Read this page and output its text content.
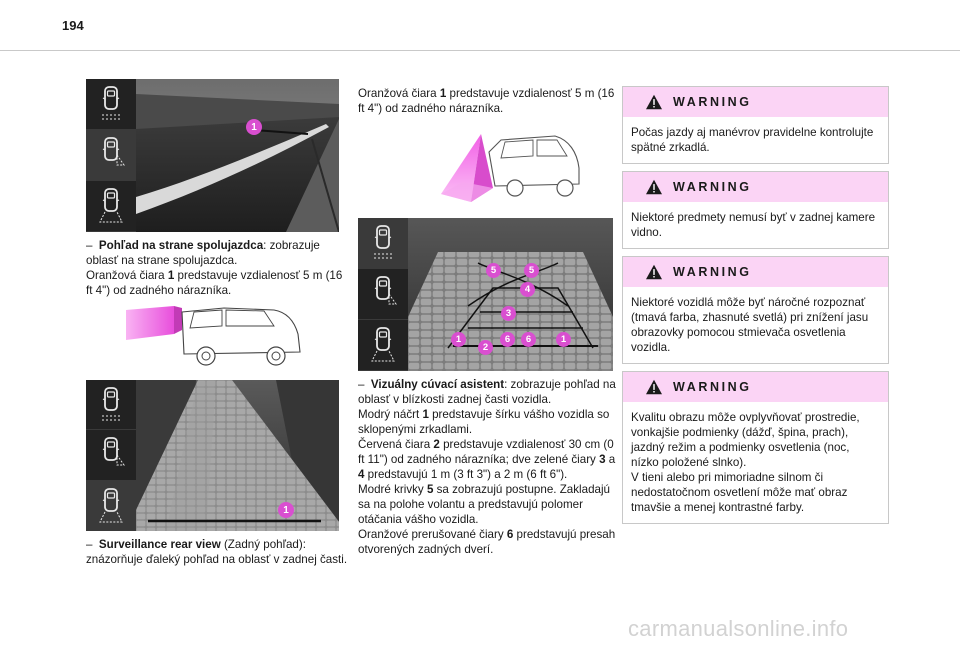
194
1

– Pohľad na strane spolujazdca: zobrazuje oblasť na strane spolujazdca.

Oranžová čiara 1 predstavuje vzdialenosť 5 m (16 ft 4") od zadného nárazníka.

1

– Surveillance rear view (Zadný pohľad): znázorňuje ďaleký pohľad na oblasť v zadnej časti.

Oranžová čiara 1 predstavuje vzdialenosť 5 m (16 ft 4") od zadného nárazníka.

5	5
4
3
1
2
6 6	1

– Vizuálny cúvací asistent: zobrazuje pohľad na oblasť v blízkosti zadnej časti vozidla.

Modrý náčrt 1 predstavuje šírku vášho vozidla so sklopenými zrkadlami.

Červená čiara 2 predstavuje vzdialenosť 30 cm (0 ft 11") od zadného nárazníka; dve zelené čiary 3 a 4 predstavujú 1 m (3 ft 3") a 2 m (6 ft 6").

Modré krivky 5 sa zobrazujú postupne. Zakladajú sa na polohe volantu a predstavujú polomer otáčania vášho vozidla.

Oranžové prerušované čiary 6 predstavujú presah otvorených zadných dverí.

WARNING
Počas jazdy aj manévrov pravidelne kontrolujte spätné zrkadlá.
WARNING
Niektoré predmety nemusí byť v zadnej kamere vidno.
WARNING
Niektoré vozidlá môže byť náročné rozpoznať (tmavá farba, zhasnuté svetlá) pri znížení jasu obrazovky pomocou stmievača osvetlenia vozidla.
WARNING

Kvalitu obrazu môže ovplyvňovať prostredie, vonkajšie podmienky (dážď, špina, prach), jazdný režim a podmienky osvetlenia (noc, nízko položené slnko).

V tieni alebo pri mimoriadne silnom či nedostatočnom osvetlení môže mať obraz tmavšie a menej kontrastné farby.

carmanualsonline.info
